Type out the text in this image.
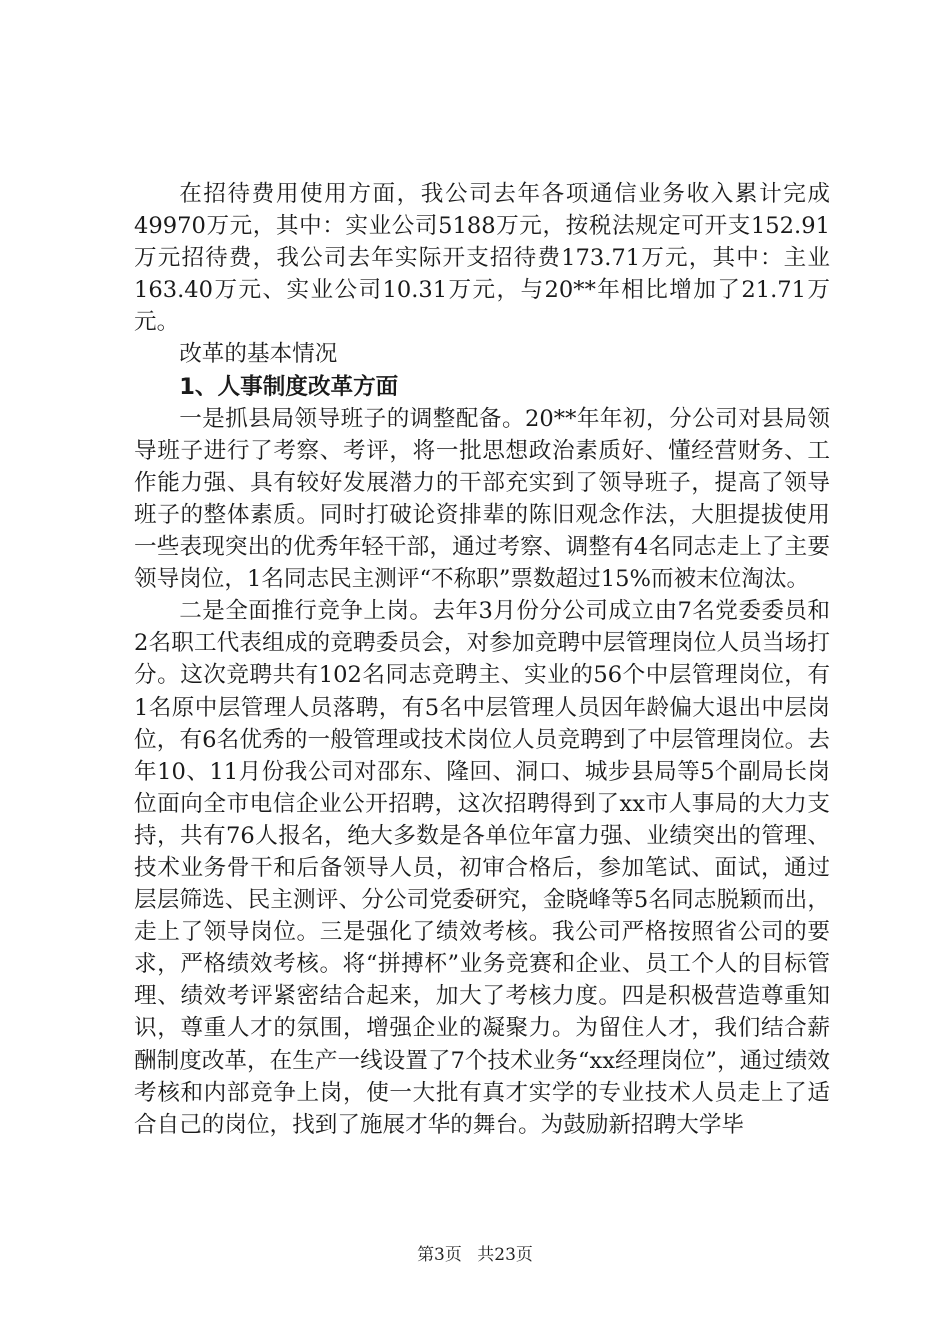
在招待费用使用方面，我公司去年各项通信业务收入累计完成49970万元，其中：实业公司5188万元，按税法规定可开支152.91万元招待费，我公司去年实际开支招待费173.71万元，其中：主业163.40万元、实业公司10.31万元，与20**年相比增加了21.71万元。

改革的基本情况

1、人事制度改革方面

一是抓县局领导班子的调整配备。20**年年初，分公司对县局领导班子进行了考察、考评，将一批思想政治素质好、懂经营财务、工作能力强、具有较好发展潜力的干部充实到了领导班子，提高了领导班子的整体素质。同时打破论资排辈的陈旧观念作法，大胆提拔使用一些表现突出的优秀年轻干部，通过考察、调整有4名同志走上了主要领导岗位，1名同志民主测评“不称职”票数超过15%而被末位淘汰。

二是全面推行竞争上岗。去年3月份分公司成立由7名党委委员和2名职工代表组成的竞聘委员会，对参加竞聘中层管理岗位人员当场打分。这次竞聘共有102名同志竞聘主、实业的56个中层管理岗位，有1名原中层管理人员落聘，有5名中层管理人员因年龄偏大退出中层岗位，有6名优秀的一般管理或技术岗位人员竞聘到了中层管理岗位。去年10、11月份我公司对邵东、隆回、洞口、城步县局等5个副局长岗位面向全市电信企业公开招聘，这次招聘得到了xx市人事局的大力支持，共有76人报名，绝大多数是各单位年富力强、业绩突出的管理、技术业务骨干和后备领导人员，初审合格后，参加笔试、面试，通过层层筛选、民主测评、分公司党委研究，金晓峰等5名同志脱颖而出，走上了领导岗位。三是强化了绩效考核。我公司严格按照省公司的要求，严格绩效考核。将“拼搏杯”业务竞赛和企业、员工个人的目标管理、绩效考评紧密结合起来，加大了考核力度。四是积极营造尊重知识，尊重人才的氛围，增强企业的凝聚力。为留住人才，我们结合薪酬制度改革，在生产一线设置了7个技术业务“xx经理岗位”，通过绩效考核和内部竞争上岗，使一大批有真才实学的专业技术人员走上了适合自己的岗位，找到了施展才华的舞台。为鼓励新招聘大学毕

第3页 共23页
